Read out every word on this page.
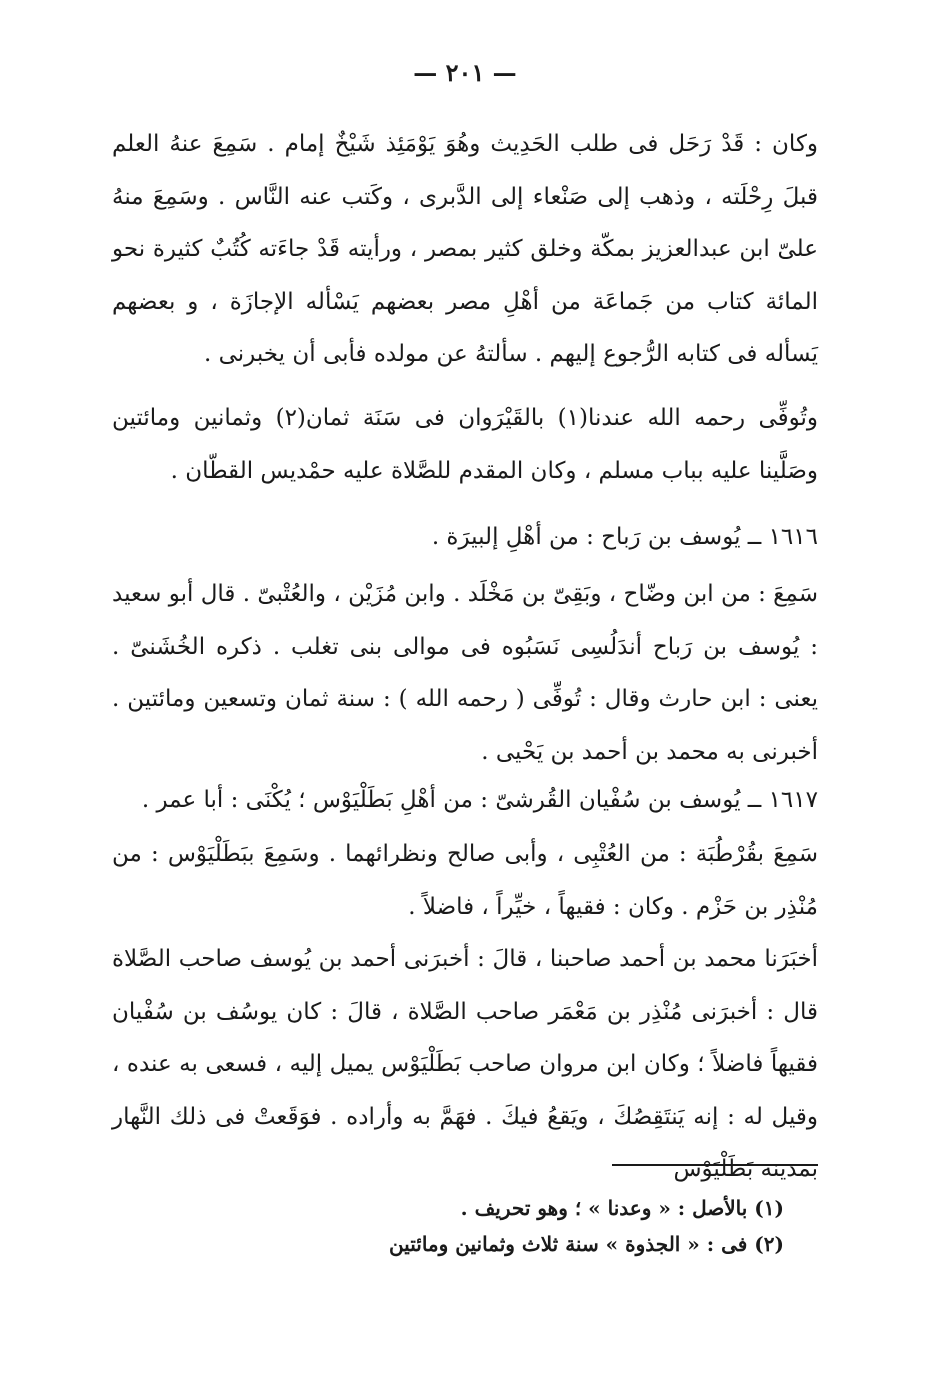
— ٢٠١ —

وكان : قَدْ رَحَل فى طلب الحَدِيث وهُوَ يَوْمَئِذ شَيْخٌ إمام . سَمِعَ عنهُ العلم قبلَ رِحْلَته ، وذهب إلى صَنْعاء إلى الدَّبرى ، وكَتب عنه النَّاس . وسَمِعَ منهُ علىّ ابن عبدالعزيز بمكّة وخلق كثير بمصر ، ورأيته قَدْ جاءَته كُتُبٌ كثيرة نحو المائة كتاب من جَماعَة من أهْلِ مصر بعضهم يَسْأله الإجازَة ، و بعضهم يَسأله فى كتابه الرُّجوع إليهم . سألتهُ عن مولده فأبى أن يخبرنى .

وتُوفِّى رحمه الله عندنا(١) بالقَيْرَوان فى سَنَة ثمان(٢) وثمانين ومائتين وصَلَّينا عليه بباب مسلم ، وكان المقدم للصَّلاة عليه حمْديس القطّان .

١٦١٦ ــ يُوسف بن رَباح : من أهْلِ إلبيرَة .

سَمِعَ : من ابن وضّاح ، وبَقِىّ بن مَخْلَد . وابن مُزَيْن ، والعُتْبىّ . قال أبو سعيد : يُوسف بن رَباح أندَلُسِى نَسَبُوه فى موالى بنى تغلب . ذكره الخُشَنىّ . يعنى : ابن حارث وقال : تُوفِّى ( رحمه الله ) : سنة ثمان وتسعين ومائتين . أخبرنى به محمد بن أحمد بن يَحْيى .

١٦١٧ ــ يُوسف بن سُفْيان القُرشىّ : من أهْلِ بَطَلْيَوْس ؛ يُكْنَى : أبا عمر .

سَمِعَ بقُرْطُبَة : من العُتْبِى ، وأبى صالح ونظرائهما . وسَمِعَ ببَطَلْيَوْس : من مُنْذِر بن حَزْم . وكان : فقيهاً ، خيِّراً ، فاضلاً .

أخبَرَنا محمد بن أحمد صاحبنا ، قالَ : أخبرَنى أحمد بن يُوسف صاحب الصَّلاة قال : أخبرَنى مُنْذِر بن مَعْمَر صاحب الصَّلاة ، قالَ : كان يوسُف بن سُفْيان فقيهاً فاضلاً ؛ وكان ابن مروان صاحب بَطَلْيَوْس يميل إليه ، فسعى به عنده ، وقيل له : إنه يَنتَقِصُكَ ، ويَقعُ فيكَ . فهَمَّ به وأراده . فوَقَعتْ فى ذلك النَّهار بمدينة بَطَلْيَوْس

(١) بالأصل : « وعدنا » ؛ وهو تحريف .

(٢) فى : « الجذوة » سنة ثلاث وثمانين ومائتين
